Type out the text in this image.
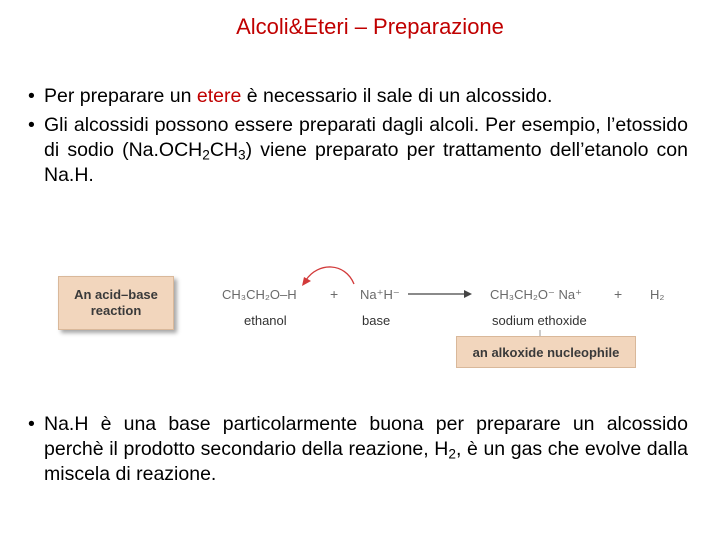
Alcoli&Eteri – Preparazione
• Per preparare un etere è necessario il sale di un alcossido.
• Gli alcossidi possono essere preparati dagli alcoli. Per esempio, l’etossido di sodio $(Na.OCH_2CH_3)$ viene preparato per trattamento dell’etanolo con Na.H.
An acid–base reaction
CH₃CH₂O–H + Na⁺H⁻	CH₃CH₂O⁻ Na⁺ + H₂
ethanol	base	sodium ethoxide
an alkoxide nucleophile
• Na.H è una base particolarmente buona per preparare un alcossido perchè il prodotto secondario della reazione, $H_2$, è un gas che evolve dalla miscela di reazione.
